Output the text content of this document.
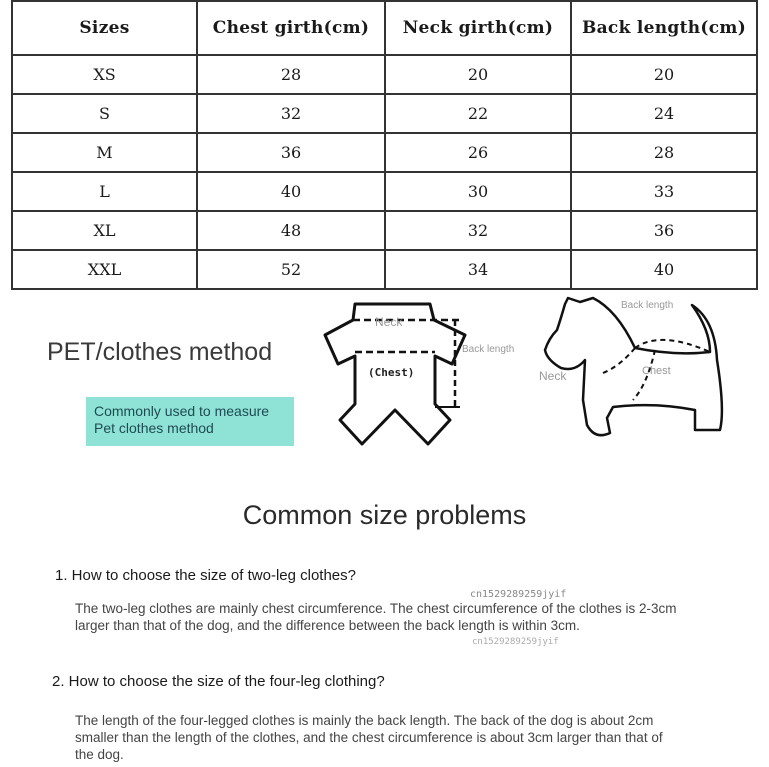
Sizes	Chest girth(cm)	Neck girth(cm)	Back length(cm)
XS	28	20	20
S	32	22	24
M	36	26	28
L	40	30	33
XL	48	32	36
XXL	52	34	40
PET/clothes method
Commonly used to measure
Pet clothes method
Neck
(Chest)
Back length
Back length
Neck	Chest
Common size problems
1. How to choose the size of two-leg clothes?
cn1529289259jyif
The two-leg clothes are mainly chest circumference. The chest circumference of the clothes is 2-3cm larger than that of the dog, and the difference between the back length is within 3cm.
cn1529289259jyif
2. How to choose the size of the four-leg clothing?
The length of the four-legged clothes is mainly the back length. The back of the dog is about 2cm smaller than the length of the clothes, and the chest circumference is about 3cm larger than that of the dog.
